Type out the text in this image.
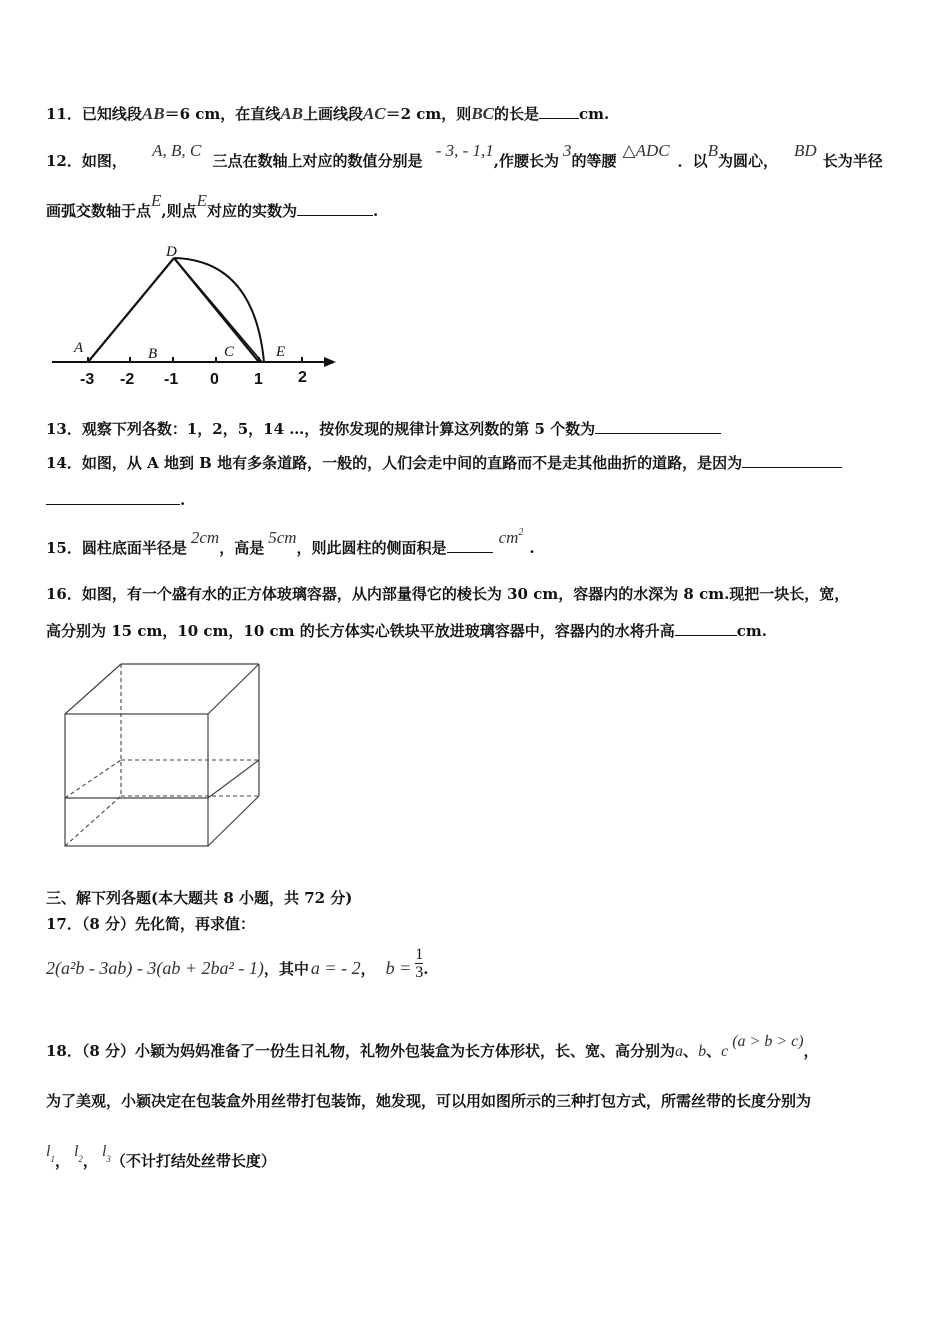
11．已知线段AB＝6 cm，在直线AB上画线段AC＝2 cm，则BC的长是	cm.
12．如图， A, B, C 三点在数轴上对应的数值分别是 - 3, - 1,1,作腰长为3的等腰△ADC．以B为圆心，BD长为半径
画弧交数轴于点E,则点E对应的实数为	.
D
A	B	C	E
-3 -2 -1 0 1 2
13．观察下列各数：1，2，5，14 …，按你发现的规律计算这列数的第 5 个数为
14．如图，从 A 地到 B 地有多条道路，一般的，人们会走中间的直路而不是走其他曲折的道路，是因为
.
15．圆柱底面半径是2cm，高是5cm，则此圆柱的侧面积是$cm^2$.
16．如图，有一个盛有水的正方体玻璃容器，从内部量得它的棱长为 30 cm，容器内的水深为 8 cm.现把一块长，宽，
高分别为 15 cm，10 cm，10 cm 的长方体实心铁块平放进玻璃容器中，容器内的水将升高	cm.
三、解下列各题(本大题共 8 小题，共 72 分)
17．（8 分）先化简，再求值：
2(a²b - 3ab) - 3(ab + 2ba² - 1)，其中 a = - 2， $b = \frac{1}{3}$ .
18．（8 分）小颖为妈妈准备了一份生日礼物，礼物外包装盒为长方体形状，长、宽、高分别为a、b、c(a > b > c)，
为了美观，小颖决定在包装盒外用丝带打包装饰，她发现，可以用如图所示的三种打包方式，所需丝带的长度分别为
$l^1$，$l^2$，$l^3$（不计打结处丝带长度）
